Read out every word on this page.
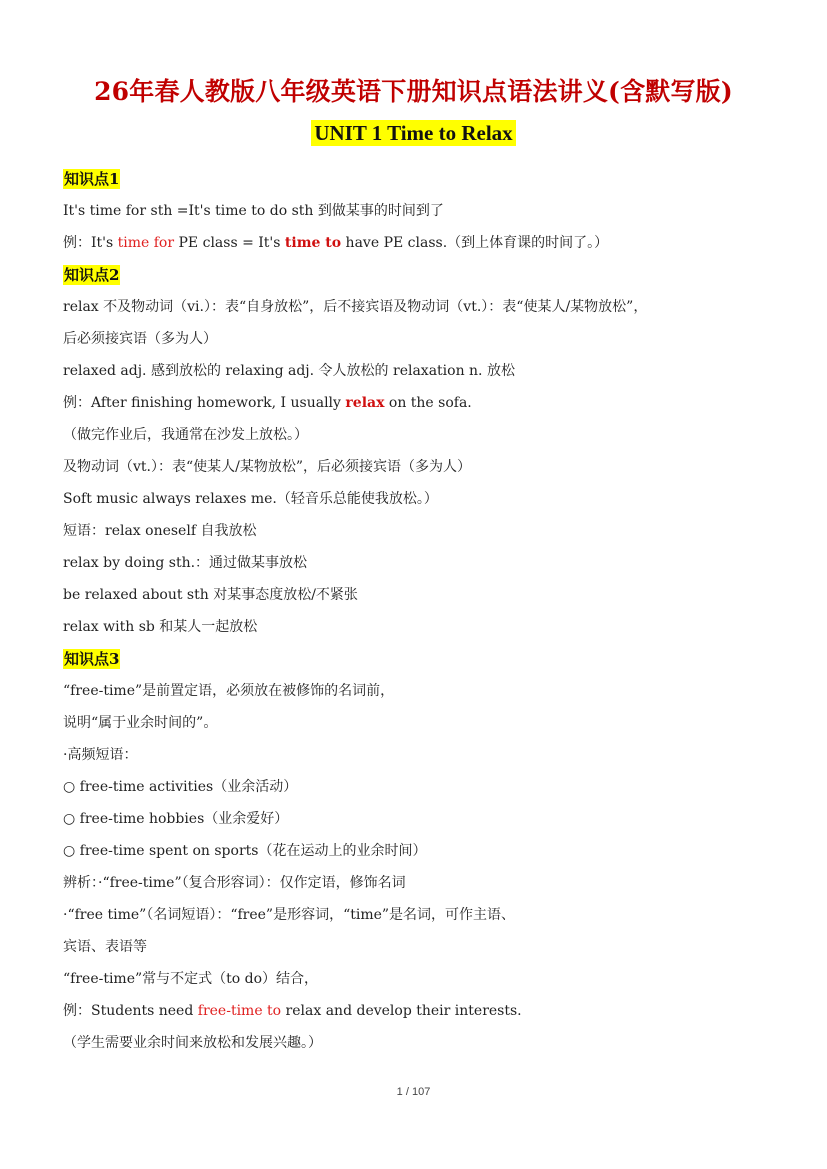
26年春人教版八年级英语下册知识点语法讲义(含默写版)
UNIT 1 Time to Relax
知识点1
It's time for sth =It's time to do sth 到做某事的时间到了
例：It's time for PE class = It's time to have PE class.（到上体育课的时间了。）
知识点2
relax 不及物动词（vi.）：表“自身放松”，后不接宾语及物动词（vt.）：表“使某人/某物放松”，
后必须接宾语（多为人）
relaxed adj. 感到放松的 relaxing adj. 令人放松的 relaxation n. 放松
例：After finishing homework, I usually relax on the sofa.
（做完作业后，我通常在沙发上放松。）
及物动词（vt.）：表“使某人/某物放松”，后必须接宾语（多为人）
Soft music always relaxes me.（轻音乐总能使我放松。）
短语：relax oneself 自我放松
relax by doing sth.：通过做某事放松
be relaxed about sth 对某事态度放松/不紧张
relax with sb 和某人一起放松
知识点3
“free-time”是前置定语，必须放在被修饰的名词前，
说明“属于业余时间的”。
·高频短语：
○ free-time activities（业余活动）
○ free-time hobbies（业余爱好）
○ free-time spent on sports（花在运动上的业余时间）
辨析：·“free-time”（复合形容词）：仅作定语，修饰名词
·“free time”（名词短语）：“free”是形容词，“time”是名词，可作主语、
宾语、表语等
“free-time”常与不定式（to do）结合，
例：Students need free-time to relax and develop their interests.
（学生需要业余时间来放松和发展兴趣。）
1 / 107
